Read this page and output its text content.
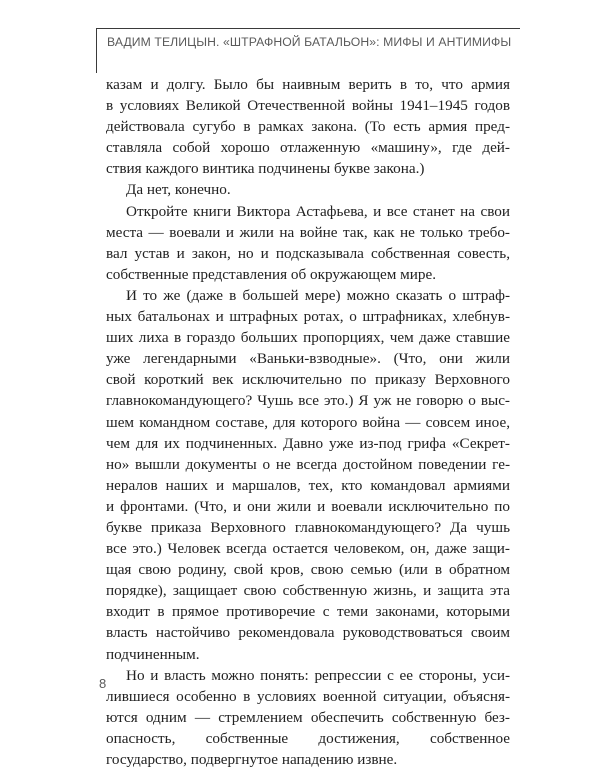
ВАДИМ ТЕЛИЦЫН. «ШТРАФНОЙ БАТАЛЬОН»: МИФЫ И АНТИМИФЫ
казам и долгу. Было бы наивным верить в то, что армия
в условиях Великой Отечественной войны 1941–1945 годов
действовала сугубо в рамках закона. (То есть армия пред-
ставляла собой хорошо отлаженную «машину», где дей-
ствия каждого винтика подчинены букве закона.)
Да нет, конечно.
Откройте книги Виктора Астафьева, и все станет на свои
места — воевали и жили на войне так, как не только требо-
вал устав и закон, но и подсказывала собственная совесть,
собственные представления об окружающем мире.
И то же (даже в большей мере) можно сказать о штраф-
ных батальонах и штрафных ротах, о штрафниках, хлебнув-
ших лиха в гораздо больших пропорциях, чем даже ставшие
уже легендарными «Ваньки-взводные». (Что, они жили
свой короткий век исключительно по приказу Верховного
главнокомандующего? Чушь все это.) Я уж не говорю о выс-
шем командном составе, для которого война — совсем иное,
чем для их подчиненных. Давно уже из-под грифа «Секрет-
но» вышли документы о не всегда достойном поведении ге-
нералов наших и маршалов, тех, кто командовал армиями
и фронтами. (Что, и они жили и воевали исключительно по
букве приказа Верховного главнокомандующего? Да чушь
все это.) Человек всегда остается человеком, он, даже защи-
щая свою родину, свой кров, свою семью (или в обратном
порядке), защищает свою собственную жизнь, и защита эта
входит в прямое противоречие с теми законами, которыми
власть настойчиво рекомендовала руководствоваться своим
подчиненным.
Но и власть можно понять: репрессии с ее стороны, уси-
лившиеся особенно в условиях военной ситуации, объясня-
ются одним — стремлением обеспечить собственную без-
опасность, собственные достижения, собственное
государство, подвергнутое нападению извне.
8
